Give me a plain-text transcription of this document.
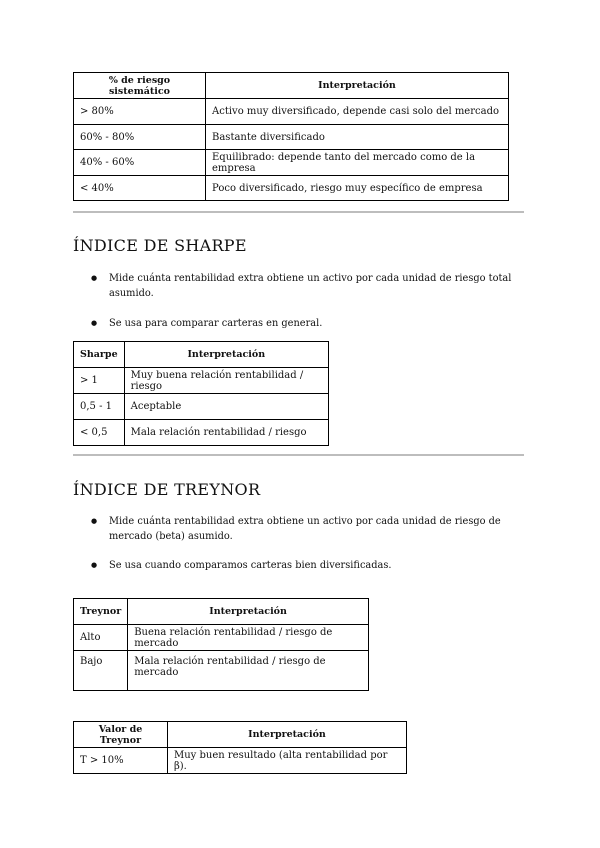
% de riesgo sistemático	Interpretación
> 80%	Activo muy diversificado, depende casi solo del mercado
60% - 80%	Bastante diversificado
40% - 60%	Equilibrado: depende tanto del mercado como de la empresa
< 40%	Poco diversificado, riesgo muy específico de empresa
ÍNDICE DE SHARPE
● Mide cuánta rentabilidad extra obtiene un activo por cada unidad de riesgo total asumido.
● Se usa para comparar carteras en general.
Sharpe	Interpretación
> 1	Muy buena relación rentabilidad / riesgo
0,5 - 1	Aceptable
< 0,5	Mala relación rentabilidad / riesgo
ÍNDICE DE TREYNOR
● Mide cuánta rentabilidad extra obtiene un activo por cada unidad de riesgo de mercado (beta) asumido.
● Se usa cuando comparamos carteras bien diversificadas.
Treynor	Interpretación
Alto	Buena relación rentabilidad / riesgo de mercado
Bajo	Mala relación rentabilidad / riesgo de mercado
Valor de Treynor	Interpretación
T > 10%	Muy buen resultado (alta rentabilidad por β).
